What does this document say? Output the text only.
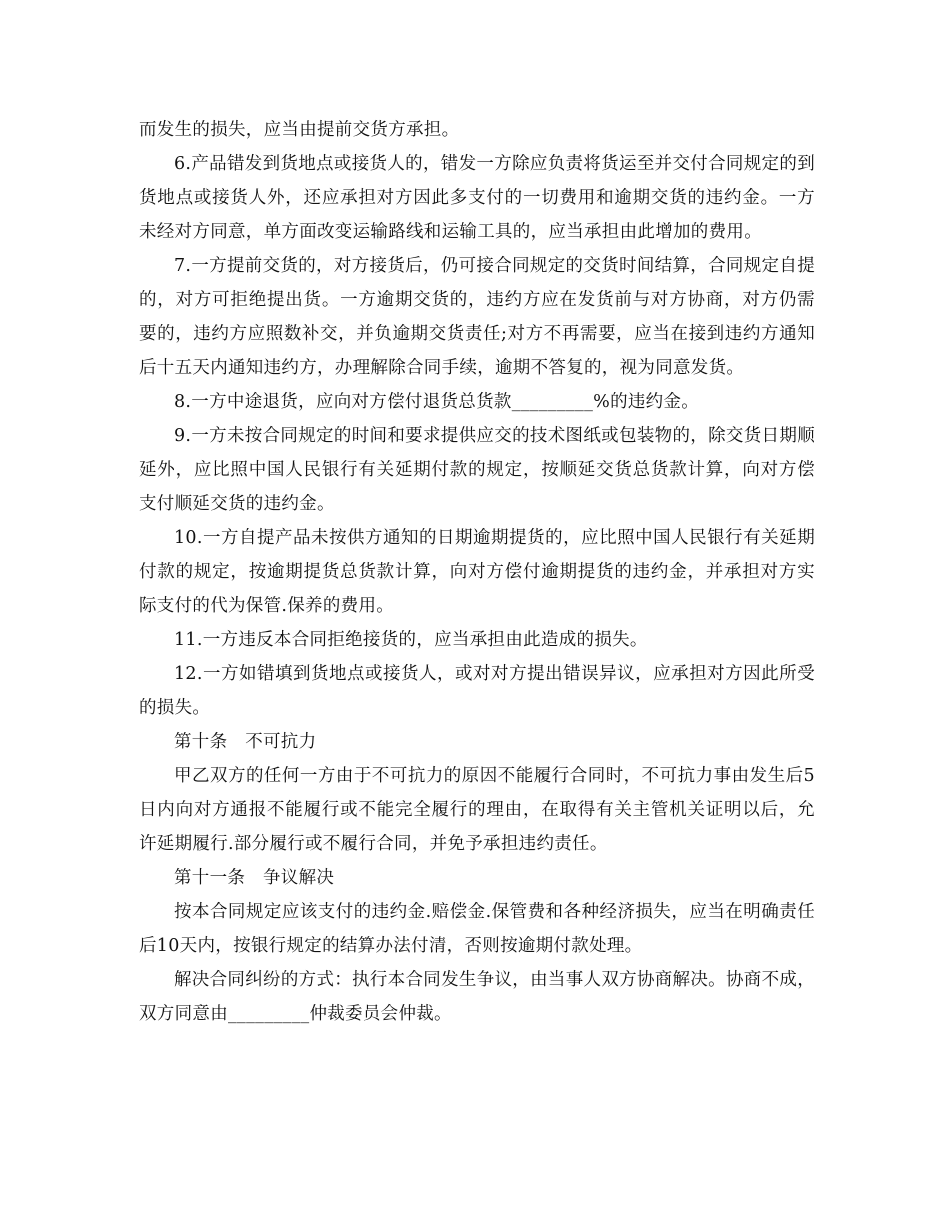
而发生的损失，应当由提前交货方承担。

6.产品错发到货地点或接货人的，错发一方除应负责将货运至并交付合同规定的到货地点或接货人外，还应承担对方因此多支付的一切费用和逾期交货的违约金。一方未经对方同意，单方面改变运输路线和运输工具的，应当承担由此增加的费用。

7.一方提前交货的，对方接货后，仍可接合同规定的交货时间结算，合同规定自提的，对方可拒绝提出货。一方逾期交货的，违约方应在发货前与对方协商，对方仍需要的，违约方应照数补交，并负逾期交货责任;对方不再需要，应当在接到违约方通知后十五天内通知违约方，办理解除合同手续，逾期不答复的，视为同意发货。

8.一方中途退货，应向对方偿付退货总货款_________%的违约金。

9.一方未按合同规定的时间和要求提供应交的技术图纸或包装物的，除交货日期顺延外，应比照中国人民银行有关延期付款的规定，按顺延交货总货款计算，向对方偿支付顺延交货的违约金。

10.一方自提产品未按供方通知的日期逾期提货的，应比照中国人民银行有关延期付款的规定，按逾期提货总货款计算，向对方偿付逾期提货的违约金，并承担对方实际支付的代为保管.保养的费用。

11.一方违反本合同拒绝接货的，应当承担由此造成的损失。

12.一方如错填到货地点或接货人，或对对方提出错误异议，应承担对方因此所受的损失。

第十条　不可抗力

甲乙双方的任何一方由于不可抗力的原因不能履行合同时，不可抗力事由发生后5日内向对方通报不能履行或不能完全履行的理由，在取得有关主管机关证明以后，允许延期履行.部分履行或不履行合同，并免予承担违约责任。

第十一条　争议解决

按本合同规定应该支付的违约金.赔偿金.保管费和各种经济损失，应当在明确责任后10天内，按银行规定的结算办法付清，否则按逾期付款处理。

解决合同纠纷的方式：执行本合同发生争议，由当事人双方协商解决。协商不成，双方同意由_________仲裁委员会仲裁。
